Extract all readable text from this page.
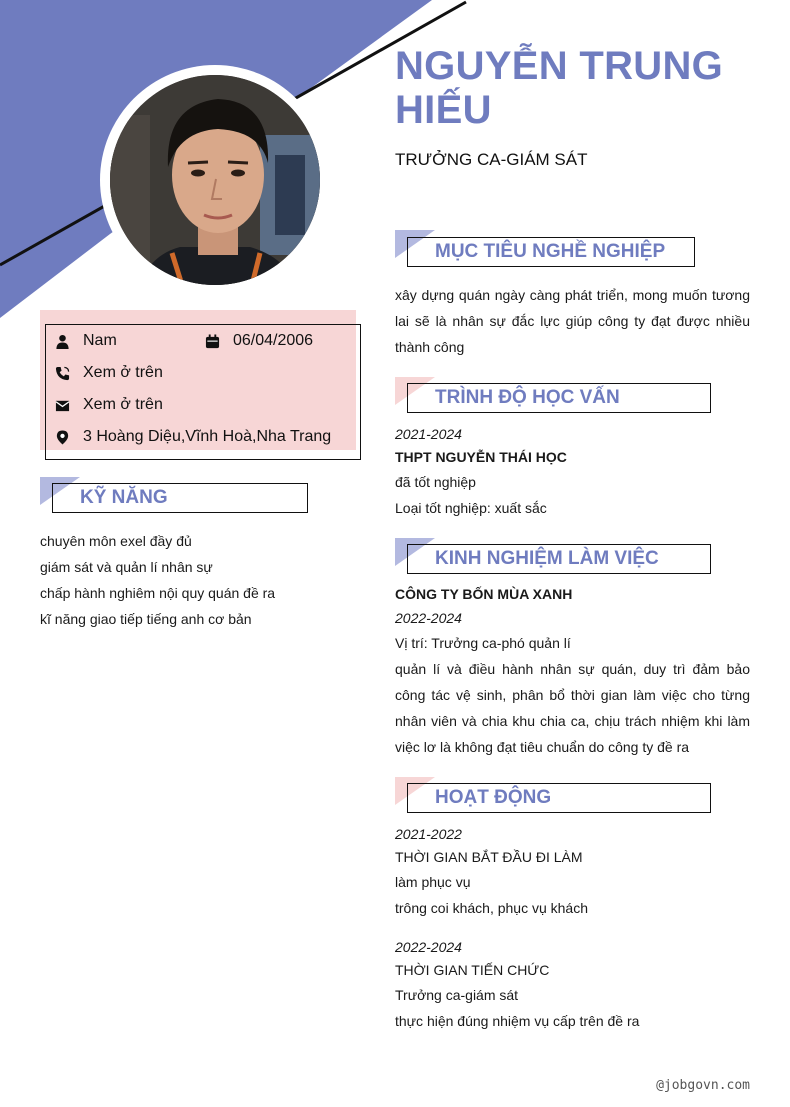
NGUYỄN TRUNG HIẾU
TRƯỞNG CA-GIÁM SÁT
Nam	06/04/2006
Xem ở trên
Xem ở trên
3 Hoàng Diệu,Vĩnh Hoà,Nha Trang
KỸ NĂNG
chuyên môn exel đầy đủ
giám sát và quản lí nhân sự
chấp hành nghiêm nội quy quán đề ra
kĩ năng giao tiếp tiếng anh cơ bản
MỤC TIÊU NGHỀ NGHIỆP
xây dựng quán ngày càng phát triển, mong muốn tương lai sẽ là nhân sự đắc lực giúp công ty đạt được nhiều thành công
TRÌNH ĐỘ HỌC VẤN
2021-2024
THPT NGUYỄN THÁI HỌC
đã tốt nghiệp
Loại tốt nghiệp: xuất sắc
KINH NGHIỆM LÀM VIỆC
CÔNG TY BỐN MÙA XANH
2022-2024
Vị trí: Trưởng ca-phó quản lí
quản lí và điều hành nhân sự quán, duy trì đảm bảo công tác vệ sinh, phân bổ thời gian làm việc cho từng nhân viên và chia khu chia ca, chịu trách nhiệm khi làm việc lơ là không đạt tiêu chuẩn do công ty đề ra
HOẠT ĐỘNG
2021-2022
THỜI GIAN BẮT ĐẦU ĐI LÀM
làm phục vụ
trông coi khách, phục vụ khách
2022-2024
THỜI GIAN TIẾN CHỨC
Trưởng ca-giám sát
thực hiện đúng nhiệm vụ cấp trên đề ra
@jobgovn.com
